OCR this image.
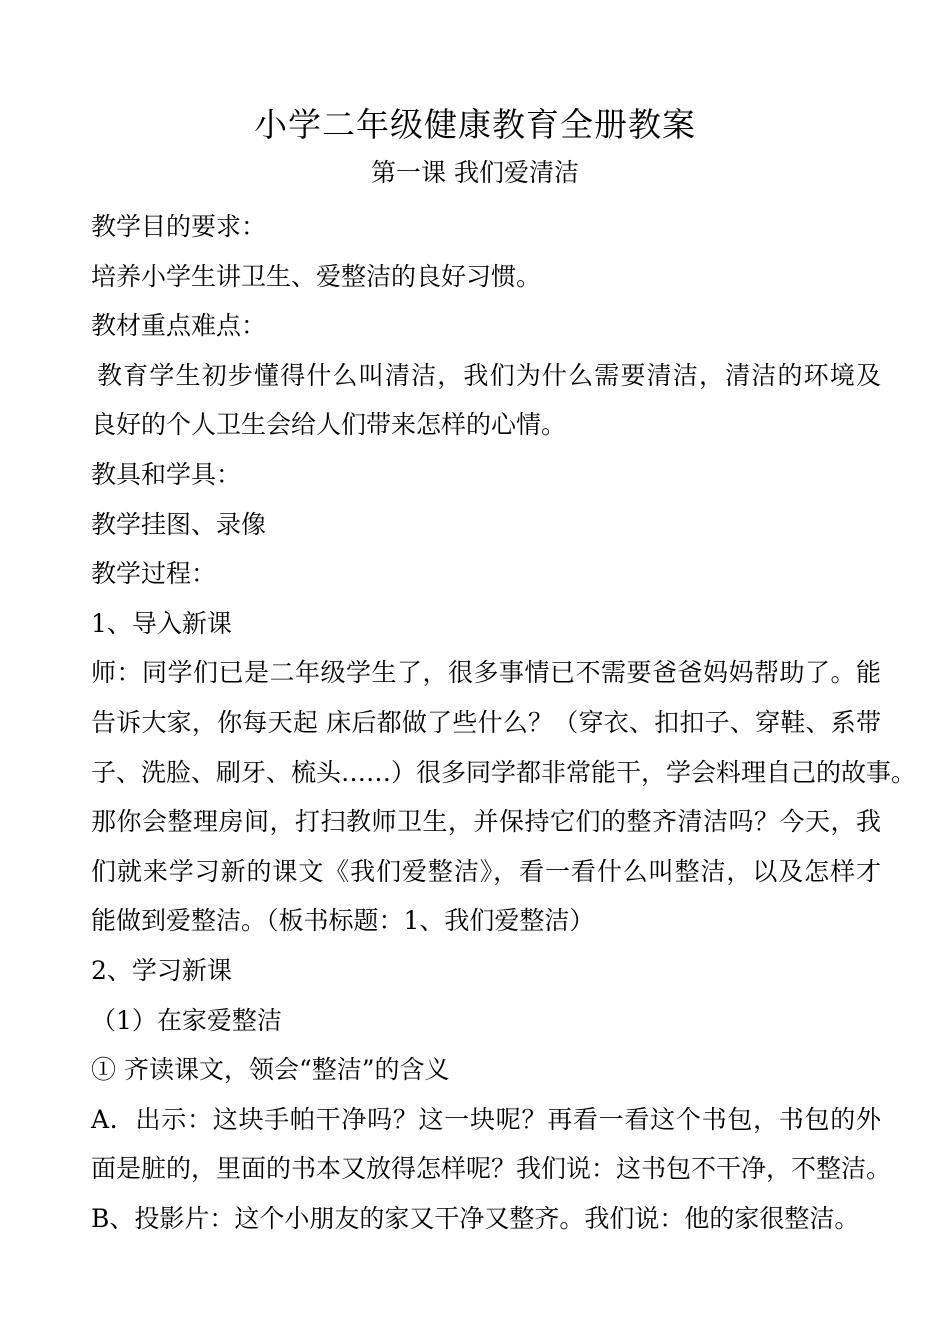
小学二年级健康教育全册教案
第一课 我们爱清洁
教学目的要求：
培养小学生讲卫生、爱整洁的良好习惯。
教材重点难点：
教育学生初步懂得什么叫清洁，我们为什么需要清洁，清洁的环境及
良好的个人卫生会给人们带来怎样的心情。
教具和学具：
教学挂图、录像
教学过程：
1、导入新课
师：同学们已是二年级学生了，很多事情已不需要爸爸妈妈帮助了。能
告诉大家，你每天起 床后都做了些什么？（穿衣、扣扣子、穿鞋、系带
子、洗脸、刷牙、梳头……）很多同学都非常能干，学会料理自己的故事。
那你会整理房间，打扫教师卫生，并保持它们的整齐清洁吗？今天，我
们就来学习新的课文《我们爱整洁》，看一看什么叫整洁，以及怎样才
能做到爱整洁。（板书标题：1、我们爱整洁）
2、学习新课
（1）在家爱整洁
① 齐读课文，领会“整洁”的含义
A．出示：这块手帕干净吗？这一块呢？再看一看这个书包，书包的外
面是脏的，里面的书本又放得怎样呢？我们说：这书包不干净，不整洁。
B、投影片：这个小朋友的家又干净又整齐。我们说：他的家很整洁。
